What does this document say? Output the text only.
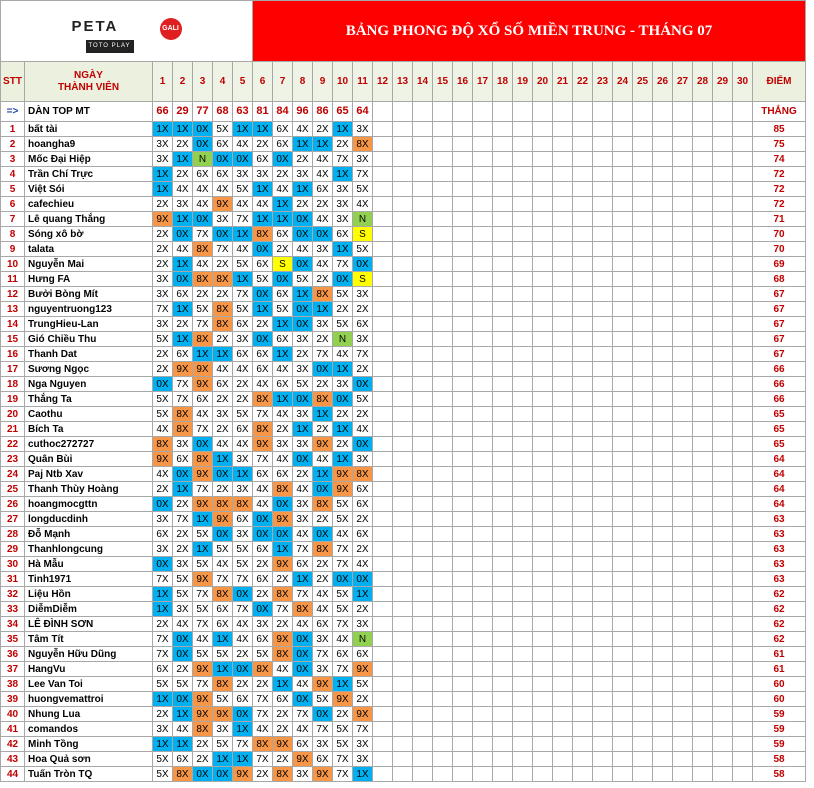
PETA GALI
TOTO PLAY							BẢNG PHONG ĐỘ XỔ SỐ MIỀN TRUNG - THÁNG 07																									
STT	NGÀY
THÀNH VIÊN	1	2	3	4	5	6	7	8	9	10	11	12	13	14	15	16	17	18	19	20	21	22	23	24	25	26	27	28	29	30	ĐIỂM
=>	DÀN TOP MT	66	29	77	68	63	81	84	96	86	65	64																				THẮNG
1	bất tài	1X	1X	0X	5X	1X	1X	6X	4X	2X	1X	3X																				85
2	hoangha9	3X	2X	0X	6X	4X	2X	6X	1X	1X	2X	8X																				75
3	Mốc Đại Hiệp	3X	1X	N	0X	0X	6X	0X	2X	4X	7X	3X																				74
4	Trần Chí Trực	1X	2X	6X	6X	3X	3X	2X	3X	4X	1X	7X																				72
5	Việt Sói	1X	4X	4X	4X	5X	1X	4X	1X	6X	3X	5X																				72
6	cafechieu	2X	3X	4X	9X	4X	4X	1X	2X	2X	3X	4X																				72
7	Lê quang Thắng	9X	1X	0X	3X	7X	1X	1X	0X	4X	3X	N																				71
8	Sóng xô bờ	2X	0X	7X	0X	1X	8X	6X	0X	0X	6X	S																				70
9	talata	2X	4X	8X	7X	4X	0X	2X	4X	3X	1X	5X																				70
10	Nguyễn Mai	2X	1X	4X	2X	5X	6X	S	0X	4X	7X	0X																				69
11	Hưng FA	3X	0X	8X	8X	1X	5X	0X	5X	2X	0X	S																				68
12	Bưởi Bòng Mít	3X	6X	2X	2X	7X	0X	6X	1X	8X	5X	3X																				67
13	nguyentruong123	7X	1X	5X	8X	5X	1X	5X	0X	1X	2X	2X																				67
14	TrungHieu-Lan	3X	2X	7X	8X	6X	2X	1X	0X	3X	5X	6X																				67
15	Gió Chiều Thu	5X	1X	8X	2X	3X	0X	6X	3X	2X	N	3X																				67
16	Thanh Dat	2X	6X	1X	1X	6X	6X	1X	2X	7X	4X	7X																				67
17	Sương Ngọc	2X	9X	9X	4X	4X	6X	4X	3X	0X	1X	2X																				66
18	Nga Nguyen	0X	7X	9X	6X	2X	4X	6X	5X	2X	3X	0X																				66
19	Thắng Ta	5X	7X	6X	2X	2X	8X	1X	0X	8X	0X	5X																				66
20	Caothu	5X	8X	4X	3X	5X	7X	4X	3X	1X	2X	2X																				65
21	Bích Ta	4X	8X	7X	2X	6X	8X	2X	1X	2X	1X	4X																				65
22	cuthoc272727	8X	3X	0X	4X	4X	9X	3X	3X	9X	2X	0X																				65
23	Quân Bùi	9X	6X	8X	1X	3X	7X	4X	0X	4X	1X	3X																				64
24	Paj Ntb Xav	4X	0X	9X	0X	1X	6X	6X	2X	1X	9X	8X																				64
25	Thanh Thùy Hoàng	2X	1X	7X	2X	3X	4X	8X	4X	0X	9X	6X																				64
26	hoangmocgttn	0X	2X	9X	8X	8X	4X	0X	3X	8X	5X	6X																				64
27	longducdinh	3X	7X	1X	9X	6X	0X	9X	3X	2X	5X	2X																				63
28	Đỗ Mạnh	6X	2X	5X	0X	3X	0X	0X	4X	0X	4X	6X																				63
29	Thanhlongcung	3X	2X	1X	5X	5X	6X	1X	7X	8X	7X	2X																				63
30	Hà Mẫu	0X	3X	5X	4X	5X	2X	9X	6X	2X	7X	4X																				63
31	Tinh1971	7X	5X	9X	7X	7X	6X	2X	1X	2X	0X	0X																				63
32	Liệu Hồn	1X	5X	7X	8X	0X	2X	8X	7X	4X	5X	1X																				62
33	DiễmDiễm	1X	3X	5X	6X	7X	0X	7X	8X	4X	5X	2X																				62
34	LÊ ĐÌNH SƠN	2X	4X	7X	6X	4X	3X	2X	4X	6X	7X	3X																				62
35	Tâm Tít	7X	0X	4X	1X	4X	6X	9X	0X	3X	4X	N																				62
36	Nguyễn Hữu Dũng	7X	0X	5X	5X	2X	5X	8X	0X	7X	6X	6X																				61
37	HangVu	6X	2X	9X	1X	0X	8X	4X	0X	3X	7X	9X																				61
38	Lee Van Toi	5X	5X	7X	8X	2X	2X	1X	4X	9X	1X	5X																				60
39	huongvemattroi	1X	0X	9X	5X	6X	7X	6X	0X	5X	9X	2X																				60
40	Nhung Lua	2X	1X	9X	9X	0X	7X	2X	7X	0X	2X	9X																				59
41	comandos	3X	4X	8X	3X	1X	4X	2X	4X	7X	5X	7X																				59
42	Minh Tồng	1X	1X	2X	5X	7X	8X	9X	6X	3X	5X	3X																				59
43	Hoa Quả sơn	5X	6X	2X	1X	1X	7X	2X	9X	6X	7X	3X																				58
44	Tuấn Tròn TQ	5X	8X	0X	0X	9X	2X	8X	3X	9X	7X	1X																				58
